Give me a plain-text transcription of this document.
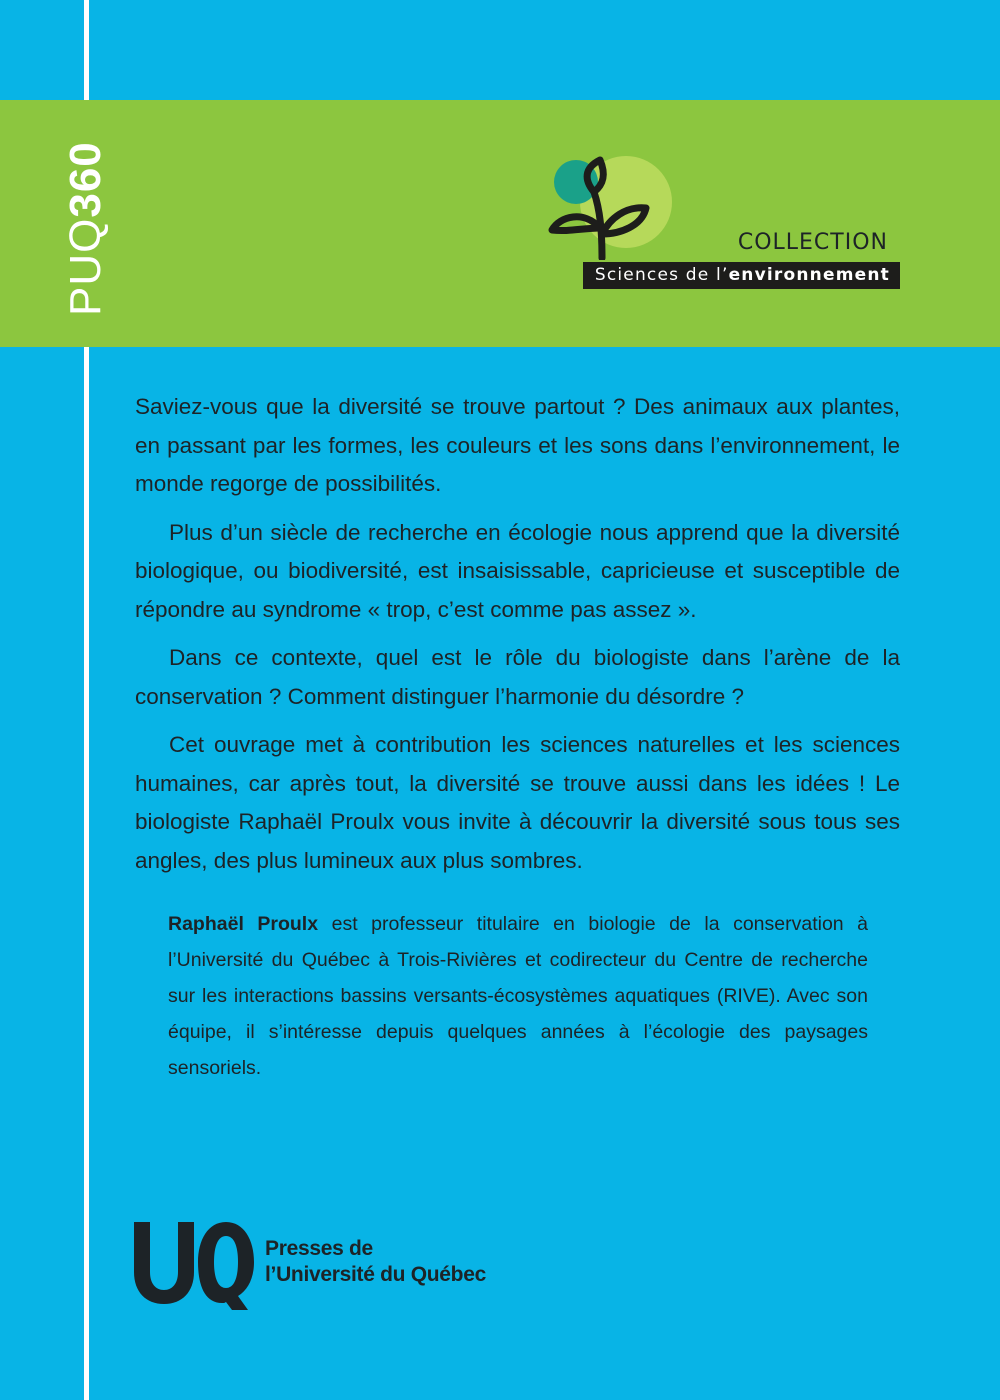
PUQ360
COLLECTION
Sciences de l’environnement

Saviez-vous que la diversité se trouve partout ? Des animaux aux plantes, en passant par les formes, les couleurs et les sons dans l’environnement, le monde regorge de possibilités.

Plus d’un siècle de recherche en écologie nous apprend que la diversité biologique, ou biodiversité, est insaisissable, capricieuse et susceptible de répondre au syndrome « trop, c’est comme pas assez ».

Dans ce contexte, quel est le rôle du biologiste dans l’arène de la conservation ? Comment distinguer l’harmonie du désordre ?

Cet ouvrage met à contribution les sciences naturelles et les sciences humaines, car après tout, la diversité se trouve aussi dans les idées ! Le biologiste Raphaël Proulx vous invite à découvrir la diversité sous tous ses angles, des plus lumineux aux plus sombres.

Raphaël Proulx est professeur titulaire en biologie de la conservation à l’Université du Québec à Trois-Rivières et codirecteur du Centre de recherche sur les interactions bassins versants-écosystèmes aquatiques (RIVE). Avec son équipe, il s’intéresse depuis quelques années à l’écologie des paysages sensoriels.

Presses de
l’Université du Québec
